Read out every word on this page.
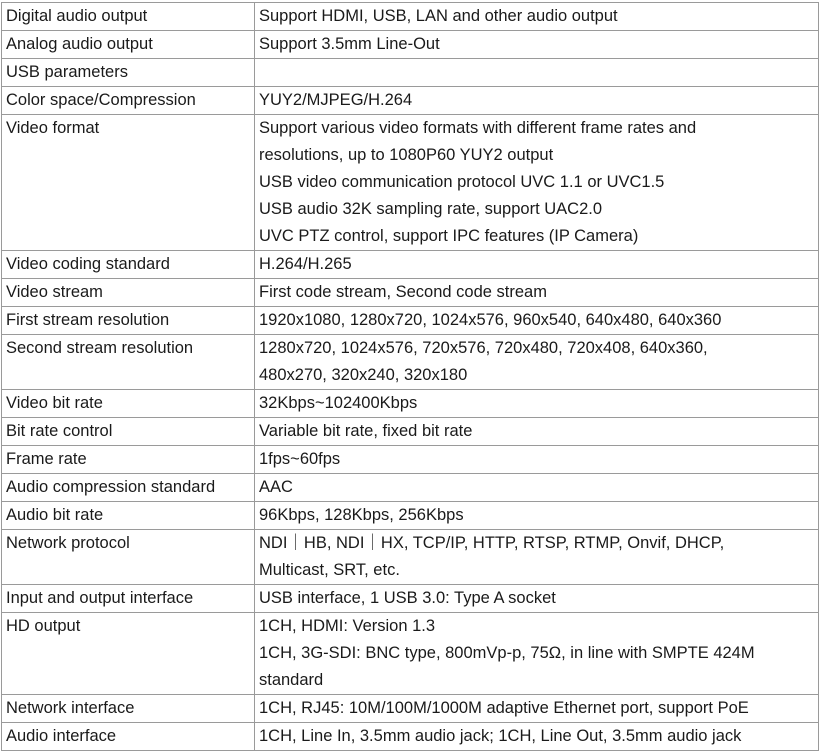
Digital audio output	Support HDMI, USB, LAN and other audio output

Analog audio output	Support 3.5mm Line-Out

USB parameters	

Color space/Compression	YUY2/MJPEG/H.264

Video format	Support various video formats with different frame rates and
resolutions, up to 1080P60 YUY2 output
USB video communication protocol UVC 1.1 or UVC1.5
USB audio 32K sampling rate, support UAC2.0
UVC PTZ control, support IPC features (IP Camera)

Video coding standard	H.264/H.265

Video stream	First code stream, Second code stream

First stream resolution	1920x1080, 1280x720, 1024x576, 960x540, 640x480, 640x360

Second stream resolution	1280x720, 1024x576, 720x576, 720x480, 720x408, 640x360,
480x270, 320x240, 320x180

Video bit rate	32Kbps~102400Kbps

Bit rate control	Variable bit rate, fixed bit rate

Frame rate	1fps~60fps

Audio compression standard	AAC

Audio bit rate	96Kbps, 128Kbps, 256Kbps

Network protocol	NDI｜HB, NDI｜HX, TCP/IP, HTTP, RTSP, RTMP, Onvif, DHCP,
Multicast, SRT, etc.

Input and output interface	USB interface, 1 USB 3.0: Type A socket

HD output	1CH, HDMI: Version 1.3
1CH, 3G-SDI: BNC type, 800mVp-p, 75Ω, in line with SMPTE 424M
standard

Network interface	1CH, RJ45: 10M/100M/1000M adaptive Ethernet port, support PoE

Audio interface	1CH, Line In, 3.5mm audio jack; 1CH, Line Out, 3.5mm audio jack
